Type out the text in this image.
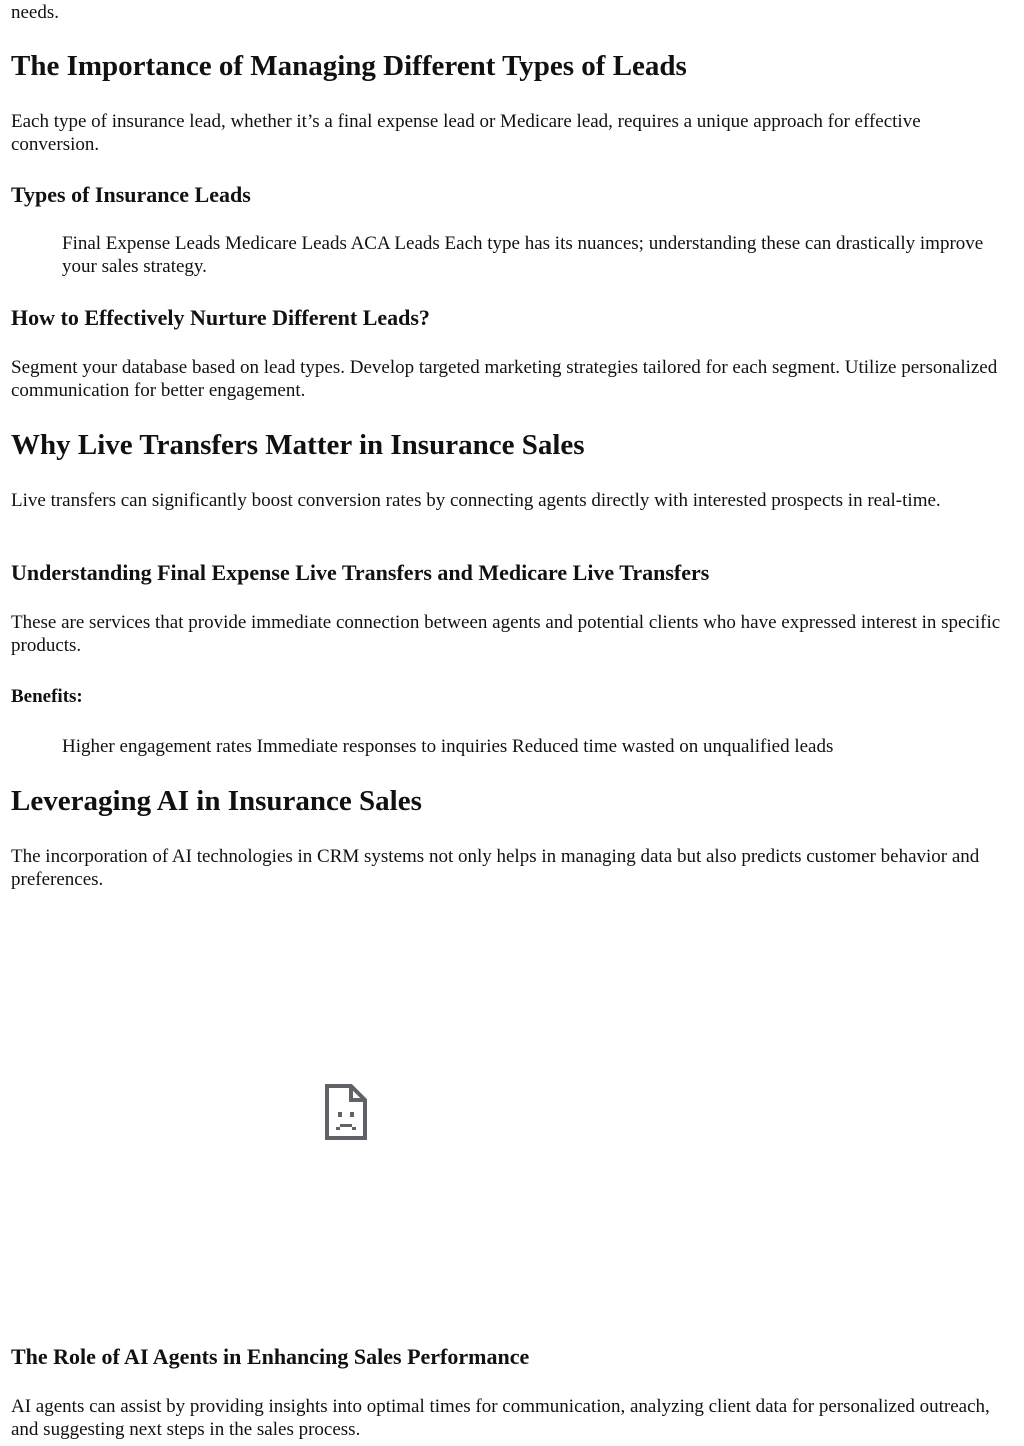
needs.

The Importance of Managing Different Types of Leads

Each type of insurance lead, whether it’s a final expense lead or Medicare lead, requires a unique approach for effective conversion.

Types of Insurance Leads
Final Expense Leads Medicare Leads ACA Leads Each type has its nuances; understanding these can drastically improve your sales strategy.
How to Effectively Nurture Different Leads?

Segment your database based on lead types. Develop targeted marketing strategies tailored for each segment. Utilize personalized communication for better engagement.

Why Live Transfers Matter in Insurance Sales

Live transfers can significantly boost conversion rates by connecting agents directly with interested prospects in real-time.

Understanding Final Expense Live Transfers and Medicare Live Transfers

These are services that provide immediate connection between agents and potential clients who have expressed interest in specific products.

Benefits:
Higher engagement rates Immediate responses to inquiries Reduced time wasted on unqualified leads
Leveraging AI in Insurance Sales

The incorporation of AI technologies in CRM systems not only helps in managing data but also predicts customer behavior and preferences.

The Role of AI Agents in Enhancing Sales Performance

AI agents can assist by providing insights into optimal times for communication, analyzing client data for personalized outreach, and suggesting next steps in the sales process.
